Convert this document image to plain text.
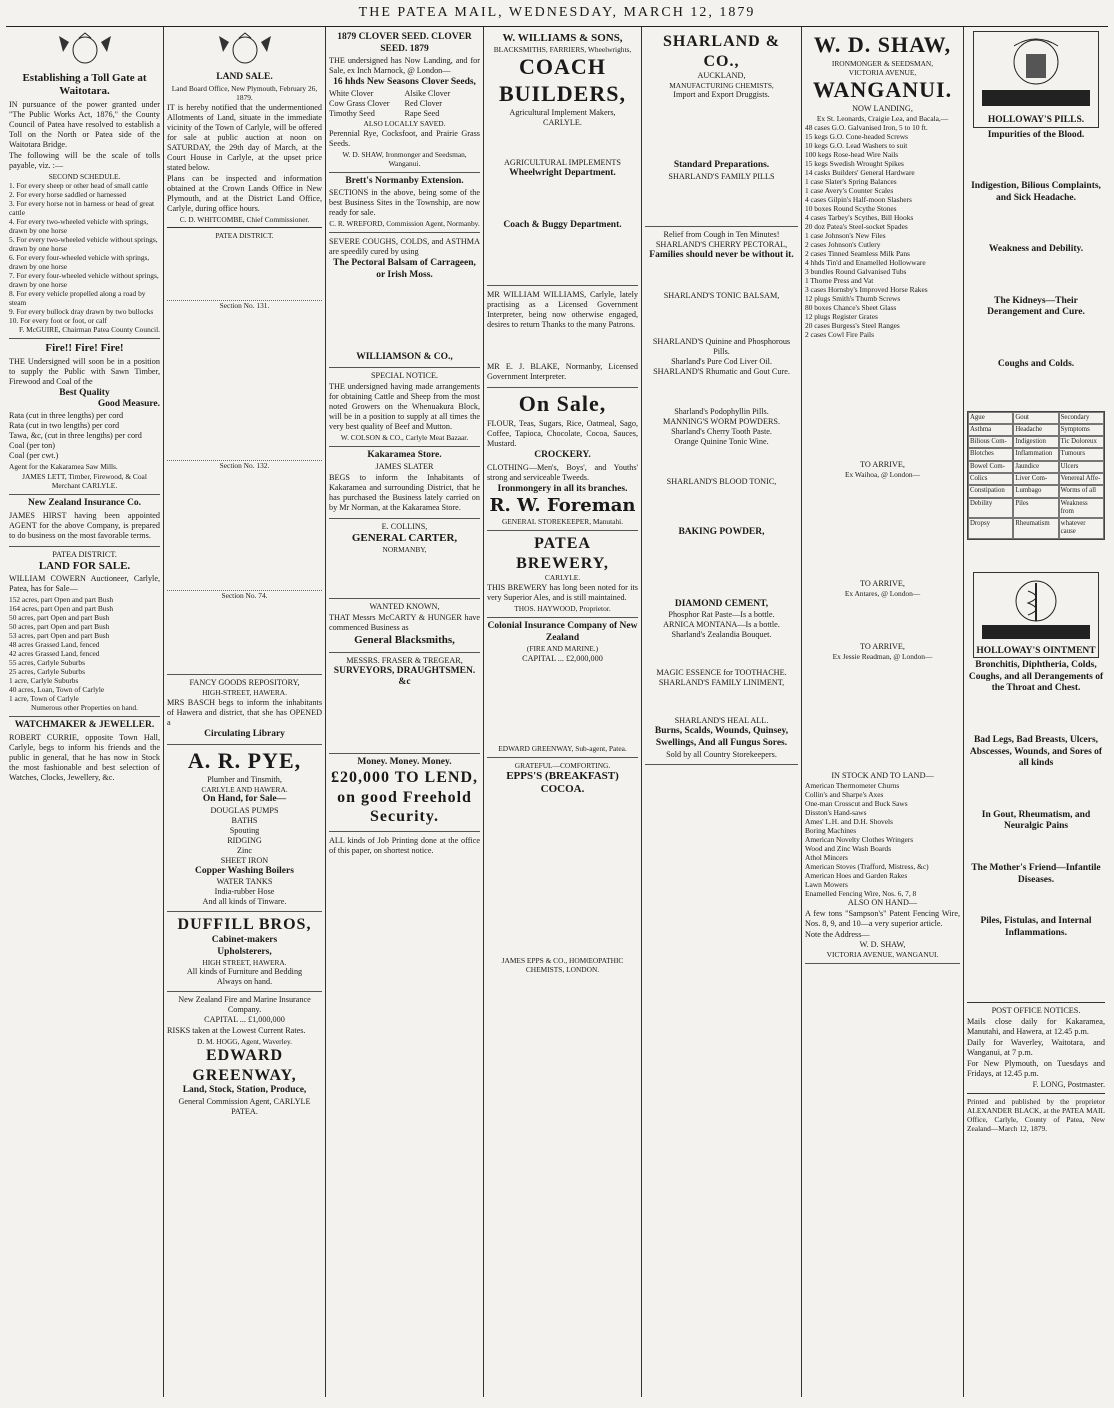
THE PATEA MAIL, WEDNESDAY, MARCH 12, 1879
Establishing a Toll Gate at Waitotara.

IN pursuance of the power granted under "The Public Works Act, 1876," the County Council of Patea have resolved to establish a Toll on the North or Patea side of the Waitotara Bridge.

The following will be the scale of tolls payable, viz. :—

SECOND SCHEDULE.
1. For every sheep or other head of small cattle
2. For every horse saddled or harnessed
3. For every horse not in harness or head of great cattle
4. For every two-wheeled vehicle with springs, drawn by one horse
5. For every two-wheeled vehicle without springs, drawn by one horse
6. For every four-wheeled vehicle with springs, drawn by one horse
7. For every four-wheeled vehicle without springs, drawn by one horse
8. For every vehicle propelled along a road by steam
9. For every bullock dray drawn by two bullocks
10. For every foot or foot, or calf
F. McGUIRE, Chairman Patea County Council.
Fire!! Fire! Fire!

THE Undersigned will soon be in a position to supply the Public with Sawn Timber, Firewood and Coal of the

Best Quality
Good Measure.
Rata (cut in three lengths) per cord
Rata (cut in two lengths) per cord
Tawa, &c, (cut in three lengths) per cord
Coal (per ton)
Coal (per cwt.)

Agent for the Kakaramea Saw Mills.

JAMES LETT, Timber, Firewood, & Coal Merchant CARLYLE.
New Zealand Insurance Co.

JAMES HIRST having been appointed AGENT for the above Company, is prepared to do business on the most favorable terms.

PATEA DISTRICT.
LAND FOR SALE.

WILLIAM COWERN Auctioneer, Carlyle, Patea, has for Sale—

152 acres, part Open and part Bush
164 acres, part Open and part Bush
50 acres, part Open and part Bush
50 acres, part Open and part Bush
53 acres, part Open and part Bush
48 acres Grassed Land, fenced
42 acres Grassed Land, fenced
55 acres, Carlyle Suburbs
25 acres, Carlyle Suburbs
1 acre, Carlyle Suburbs
40 acres, Loan, Town of Carlyle
1 acre, Town of Carlyle
Numerous other Properties on hand.
WATCHMAKER & JEWELLER.

ROBERT CURRIE, opposite Town Hall, Carlyle, begs to inform his friends and the public in general, that he has now in Stock the most fashionable and best selection of Watches, Clocks, Jewellery, &c.

LAND SALE.
Land Board Office, New Plymouth, February 26, 1879.

IT is hereby notified that the undermentioned Allotments of Land, situate in the immediate vicinity of the Town of Carlyle, will be offered for sale at public auction at noon on SATURDAY, the 29th day of March, at the Court House in Carlyle, at the upset price stated below.

Plans can be inspected and information obtained at the Crown Lands Office in New Plymouth, and at the District Land Office, Carlyle, during office hours.

C. D. WHITCOMBE, Chief Commissioner.
PATEA DISTRICT.
Section No. 131.
Section No. 132.
Section No. 74.
FANCY GOODS REPOSITORY,
HIGH-STREET, HAWERA.

MRS BASCH begs to inform the inhabitants of Hawera and district, that she has OPENED a

Circulating Library
A. R. PYE,
Plumber and Tinsmith,
CARLYLE AND HAWERA.
On Hand, for Sale—
DOUGLAS PUMPS
BATHS
Spouting
RIDGING
Zinc
SHEET IRON
Copper Washing Boilers
WATER TANKS
India-rubber Hose
And all kinds of Tinware.
DUFFILL BROS,
Cabinet-makers
Upholsterers,
HIGH STREET, HAWERA.
All kinds of Furniture and Bedding
Always on hand.
New Zealand Fire and Marine Insurance Company.
CAPITAL ... £1,000,000

RISKS taken at the Lowest Current Rates.

D. M. HOGG, Agent, Waverley.
EDWARD GREENWAY,
Land, Stock, Station, Produce,
General Commission Agent, CARLYLE PATEA.
1879 CLOVER SEED. CLOVER SEED. 1879

THE undersigned has Now Landing, and for Sale, ex Inch Marnock, @ London—

16 hhds New Seasons Clover Seeds,
White Clover	Alsike Clover
Cow Grass Clover	Red Clover
Timothy Seed	Rape Seed
ALSO LOCALLY SAVED.

Perennial Rye, Cocksfoot, and Prairie Grass Seeds.

W. D. SHAW, Ironmonger and Seedsman, Wanganui.
Brett's Normanby Extension.

SECTIONS in the above, being some of the best Business Sites in the Township, are now ready for sale.

C. R. WREFORD, Commission Agent, Normanby.

SEVERE COUGHS, COLDS, and ASTHMA are speedily cured by using

The Pectoral Balsam of Carrageen, or Irish Moss.
WILLIAMSON & CO.,
SPECIAL NOTICE.

THE undersigned having made arrangements for obtaining Cattle and Sheep from the most noted Growers on the Whenuakura Block, will be in a position to supply at all times the very best quality of Beef and Mutton.

W. COLSON & CO., Carlyle Meat Bazaar.
Kakaramea Store.
JAMES SLATER

BEGS to inform the Inhabitants of Kakaramea and surrounding District, that he has purchased the Business lately carried on by Mr Norman, at the Kakaramea Store.

E. COLLINS,
GENERAL CARTER,
NORMANBY,
WANTED KNOWN,

THAT Messrs McCARTY & HUNGER have commenced Business as

General Blacksmiths,
MESSRS. FRASER & TREGEAR,
SURVEYORS, DRAUGHTSMEN. &c
Money. Money. Money.
£20,000 TO LEND, on good Freehold Security.

ALL kinds of Job Printing done at the office of this paper, on shortest notice.

W. WILLIAMS & SONS,
BLACKSMITHS, FARRIERS, Wheelwrights,
COACH BUILDERS,
Agricultural Implement Makers,
CARLYLE.
AGRICULTURAL IMPLEMENTS
Wheelwright Department.
Coach & Buggy Department.

MR WILLIAM WILLIAMS, Carlyle, lately practising as a Licensed Government Interpreter, being now otherwise engaged, desires to return Thanks to the many Patrons.

MR E. J. BLAKE, Normanby, Licensed Government Interpreter.

On Sale,

FLOUR, Teas, Sugars, Rice, Oatmeal, Sago, Coffee, Tapioca, Chocolate, Cocoa, Sauces, Mustard.

CROCKERY.

CLOTHING—Men's, Boys', and Youths' strong and serviceable Tweeds.

Ironmongery in all its branches.
R. W. Foreman
GENERAL STOREKEEPER, Manutahi.
PATEA BREWERY,
CARLYLE.

THIS BREWERY has long been noted for its very Superior Ales, and is still maintained.

THOS. HAYWOOD, Proprietor.
Colonial Insurance Company of New Zealand
(FIRE AND MARINE.)
CAPITAL ... £2,000,000
EDWARD GREENWAY, Sub-agent, Patea.
GRATEFUL—COMFORTING.
EPPS'S (BREAKFAST) COCOA.
JAMES EPPS & CO., HOMŒOPATHIC CHEMISTS, LONDON.
SHARLAND & CO.,
AUCKLAND,
MANUFACTURING CHEMISTS,
Import and Export Druggists.
Standard Preparations.
SHARLAND'S FAMILY PILLS
Relief from Cough in Ten Minutes!
SHARLAND'S CHERRY PECTORAL,
Families should never be without it.
SHARLAND'S TONIC BALSAM,
SHARLAND'S Quinine and Phosphorous Pills.
Sharland's Pure Cod Liver Oil.
SHARLAND'S Rhumatic and Gout Cure.
Sharland's Podophyllin Pills.
MANNING'S WORM POWDERS.
Sharland's Cherry Tooth Paste.
Orange Quinine Tonic Wine.
SHARLAND'S BLOOD TONIC,
BAKING POWDER,
DIAMOND CEMENT,
Phosphor Rat Paste—Is a bottle.
ARNICA MONTANA—Is a bottle.
Sharland's Zealandia Bouquet.
MAGIC ESSENCE for TOOTHACHE.
SHARLAND'S FAMILY LINIMENT,
SHARLAND'S HEAL ALL.
Burns, Scalds, Wounds, Quinsey, Swellings, And all Fungus Sores.
Sold by all Country Storekeepers.
W. D. SHAW,
IRONMONGER & SEEDSMAN,
VICTORIA AVENUE,
WANGANUI.
NOW LANDING,
Ex St. Leonards, Craigie Lea, and Bacala,—
48 cases G.O. Galvanised Iron, 5 to 10 ft.
15 kegs G.O. Cone-headed Screws
10 kegs G.O. Lead Washers to suit
100 kegs Rose-head Wire Nails
15 kegs Swedish Wrought Spikes
14 casks Builders' General Hardware
1 case Slater's Spring Balances
1 case Avery's Counter Scales
4 cases Gilpin's Half-moon Slashers
10 boxes Round Scythe Stones
4 cases Tarbey's Scythes, Bill Hooks
20 doz Patea's Steel-socket Spades
1 case Johnson's New Files
2 cases Johnson's Cutlery
2 cases Tinned Seamless Milk Pans
4 hhds Tin'd and Enamelled Hollowware
3 bundles Round Galvanised Tubs
1 Thorne Press and Vat
3 cases Hornsby's Improved Horse Rakes
12 plugs Smith's Thumb Screws
80 boxes Chance's Sheet Glass
12 plugs Register Grates
20 cases Burgess's Steel Ranges
2 cases Cowl Fire Pails
TO ARRIVE,
Ex Waihoa, @ London—
TO ARRIVE,
Ex Antares, @ London—
TO ARRIVE,
Ex Jessie Readman, @ London—
IN STOCK AND TO LAND—
American Thermometer Churns
Collin's and Sharpe's Axes
One-man Crosscut and Buck Saws
Disston's Hand-saws
Ames' L.H. and D.H. Shovels
Boring Machines
American Novelty Clothes Wringers
Wood and Zinc Wash Boards
Athol Mincers
American Stoves (Trafford, Mistress, &c)
American Hoes and Garden Rakes
Lawn Mowers
Enamelled Fencing Wire, Nos. 6, 7, 8
ALSO ON HAND—

A few tons "Sampson's" Patent Fencing Wire, Nos. 8, 9, and 10—a very superior article.

Note the Address—
W. D. SHAW,
VICTORIA AVENUE, WANGANUI.
HOLLOWAY'S PILLS.
Impurities of the Blood.
Indigestion, Bilious Complaints, and Sick Headache.
Weakness and Debility.
The Kidneys—Their Derangement and Cure.
Coughs and Colds.
Ague	Gout	Secondary
Asthma	Headache	Symptoms
Bilious Com-	Indigestion	Tic Doloreux
Blotches	Inflammation	Tumours
Bowel Com-	Jaundice	Ulcers
Colics	Liver Com-	Venereal Affe-
Constipation	Lumbago	Worms of all
Debility	Piles	Weakness from
Dropsy	Rheumatism	whatever cause
HOLLOWAY'S OINTMENT
Bronchitis, Diphtheria, Colds, Coughs, and all Derangements of the Throat and Chest.
Bad Legs, Bad Breasts, Ulcers, Abscesses, Wounds, and Sores of all kinds
In Gout, Rheumatism, and Neuralgic Pains
The Mother's Friend—Infantile Diseases.
Piles, Fistulas, and Internal Inflammations.
POST OFFICE NOTICES.

Mails close daily for Kakaramea, Manutahi, and Hawera, at 12.45 p.m.

Daily for Waverley, Waitotara, and Wanganui, at 7 p.m.

For New Plymouth, on Tuesdays and Fridays, at 12.45 p.m.

F. LONG, Postmaster.

Printed and published by the proprietor ALEXANDER BLACK, at the PATEA MAIL Office, Carlyle, County of Patea, New Zealand—March 12, 1879.
